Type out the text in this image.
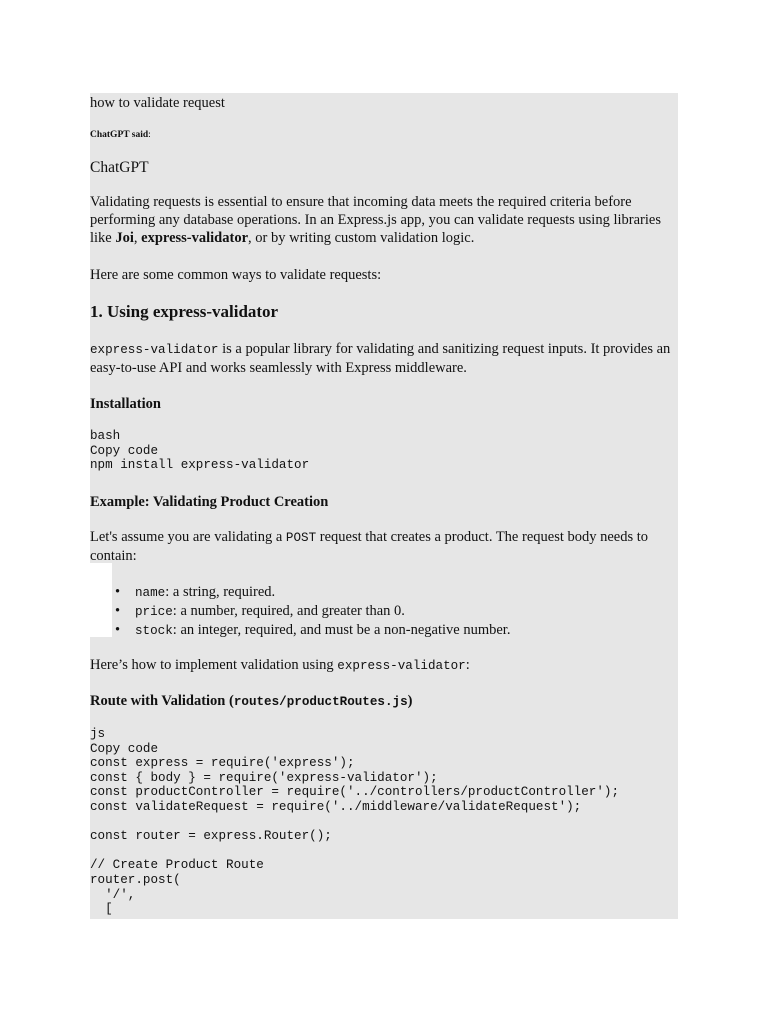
how to validate request

ChatGPT said:

ChatGPT

Validating requests is essential to ensure that incoming data meets the required criteria before performing any database operations. In an Express.js app, you can validate requests using libraries like Joi, express-validator, or by writing custom validation logic.

Here are some common ways to validate requests:

1. Using express-validator

express-validator is a popular library for validating and sanitizing request inputs. It provides an easy-to-use API and works seamlessly with Express middleware.

Installation
bash
Copy code
npm install express-validator
Example: Validating Product Creation

Let's assume you are validating a POST request that creates a product. The request body needs to contain:

• name: a string, required.
• price: a number, required, and greater than 0.
• stock: an integer, required, and must be a non-negative number.

Here’s how to implement validation using express-validator:

Route with Validation (routes/productRoutes.js)
js
Copy code
const express = require('express');
const { body } = require('express-validator');
const productController = require('../controllers/productController');
const validateRequest = require('../middleware/validateRequest');

const router = express.Router();

// Create Product Route
router.post(
'/',
[
